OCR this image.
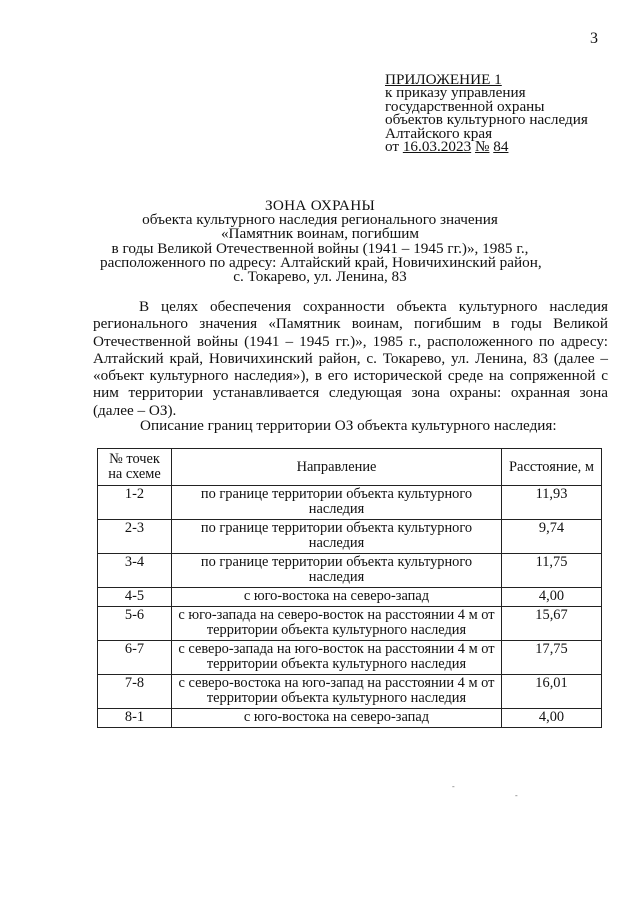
3
ПРИЛОЖЕНИЕ 1
к приказу управления
государственной охраны
объектов культурного наследия
Алтайского края
от 16.03.2023 № 84
ЗОНА ОХРАНЫ
объекта культурного наследия регионального значения
«Памятник воинам, погибшим
в годы Великой Отечественной войны (1941 – 1945 гг.)», 1985 г.,
расположенного по адресу: Алтайский край, Новичихинский район,
с. Токарево, ул. Ленина, 83
В целях обеспечения сохранности объекта культурного наследия регионального значения «Памятник воинам, погибшим в годы Великой Отечественной войны (1941 – 1945 гг.)», 1985 г., расположенного по адресу: Алтайский край, Новичихинский район, с. Токарево, ул. Ленина, 83 (далее – «объект культурного наследия»), в его исторической среде на сопряженной с ним территории устанавливается следующая зона охраны: охранная зона (далее – ОЗ).
Описание границ территории ОЗ объекта культурного наследия:
№ точек на схеме	Направление	Расстояние, м
1-2	по границе территории объекта культурного наследия	11,93
2-3	по границе территории объекта культурного наследия	9,74
3-4	по границе территории объекта культурного наследия	11,75
4-5	с юго-востока на северо-запад	4,00
5-6	с юго-запада на северо-восток на расстоянии 4 м от территории объекта культурного наследия	15,67
6-7	с северо-запада на юго-восток на расстоянии 4 м от территории объекта культурного наследия	17,75
7-8	с северо-востока на юго-запад на расстоянии 4 м от территории объекта культурного наследия	16,01
8-1	с юго-востока на северо-запад	4,00
-
-
